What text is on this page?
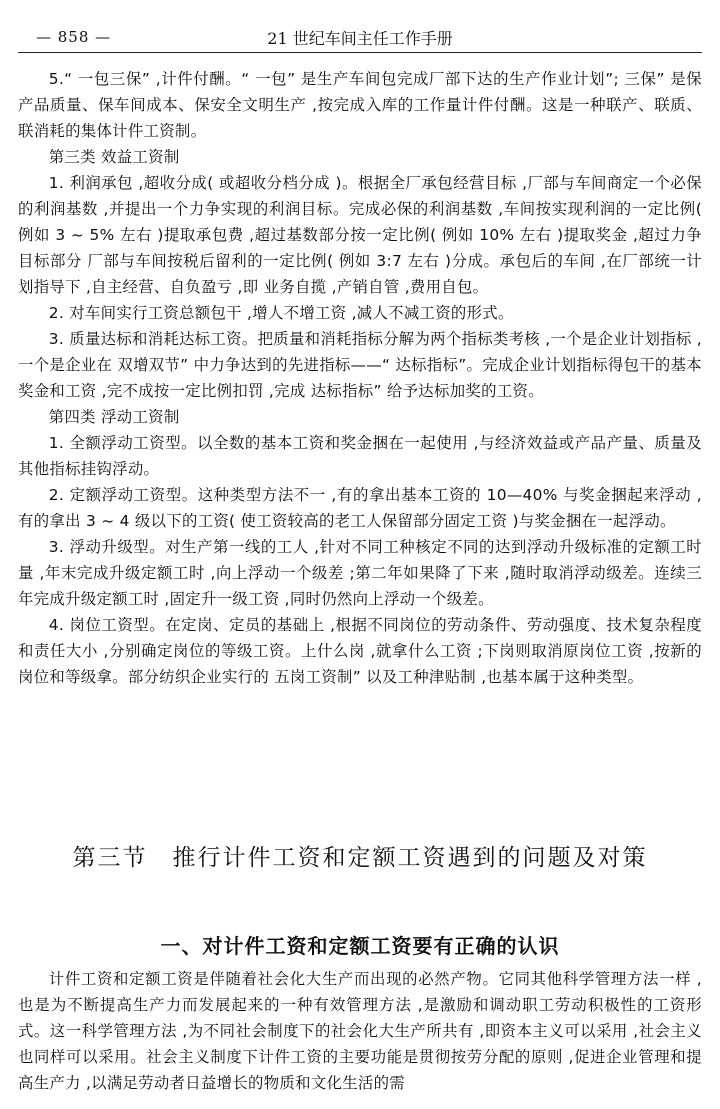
— 858 —	21 世纪车间主任工作手册

5.“ 一包三保” ,计件付酬。“ 一包” 是生产车间包完成厂部下达的生产作业计划”; 三保” 是保产品质量、保车间成本、保安全文明生产 ,按完成入库的工作量计件付酬。这是一种联产、联质、联消耗的集体计件工资制。

第三类 效益工资制

1. 利润承包 ,超收分成( 或超收分档分成 )。根据全厂承包经营目标 ,厂部与车间商定一个必保的利润基数 ,并提出一个力争实现的利润目标。完成必保的利润基数 ,车间按实现利润的一定比例( 例如 3 ~ 5% 左右 )提取承包费 ,超过基数部分按一定比例( 例如 10% 左右 )提取奖金 ,超过力争目标部分 厂部与车间按税后留利的一定比例( 例如 3:7 左右 )分成。承包后的车间 ,在厂部统一计划指导下 ,自主经营、自负盈亏 ,即 业务自揽 ,产销自管 ,费用自包。

2. 对车间实行工资总额包干 ,增人不增工资 ,减人不减工资的形式。

3. 质量达标和消耗达标工资。把质量和消耗指标分解为两个指标类考核 ,一个是企业计划指标 ,一个是企业在 双增双节” 中力争达到的先进指标——“ 达标指标”。完成企业计划指标得包干的基本奖金和工资 ,完不成按一定比例扣罚 ,完成 达标指标” 给予达标加奖的工资。

第四类 浮动工资制

1. 全额浮动工资型。以全数的基本工资和奖金捆在一起使用 ,与经济效益或产品产量、质量及其他指标挂钩浮动。

2. 定额浮动工资型。这种类型方法不一 ,有的拿出基本工资的 10—40% 与奖金捆起来浮动 ,有的拿出 3 ~ 4 级以下的工资( 使工资较高的老工人保留部分固定工资 )与奖金捆在一起浮动。

3. 浮动升级型。对生产第一线的工人 ,针对不同工种核定不同的达到浮动升级标准的定额工时量 ,年末完成升级定额工时 ,向上浮动一个级差 ;第二年如果降了下来 ,随时取消浮动级差。连续三年完成升级定额工时 ,固定升一级工资 ,同时仍然向上浮动一个级差。

4. 岗位工资型。在定岗、定员的基础上 ,根据不同岗位的劳动条件、劳动强度、技术复杂程度和责任大小 ,分别确定岗位的等级工资。上什么岗 ,就拿什么工资 ;下岗则取消原岗位工资 ,按新的岗位和等级拿。部分纺织企业实行的 五岗工资制” 以及工种津贴制 ,也基本属于这种类型。

第三节　推行计件工资和定额工资遇到的问题及对策
一、对计件工资和定额工资要有正确的认识

计件工资和定额工资是伴随着社会化大生产而出现的必然产物。它同其他科学管理方法一样 ,也是为不断提高生产力而发展起来的一种有效管理方法 ,是激励和调动职工劳动积极性的工资形式。这一科学管理方法 ,为不同社会制度下的社会化大生产所共有 ,即资本主义可以采用 ,社会主义也同样可以采用。社会主义制度下计件工资的主要功能是贯彻按劳分配的原则 ,促进企业管理和提高生产力 ,以满足劳动者日益增长的物质和文化生活的需
